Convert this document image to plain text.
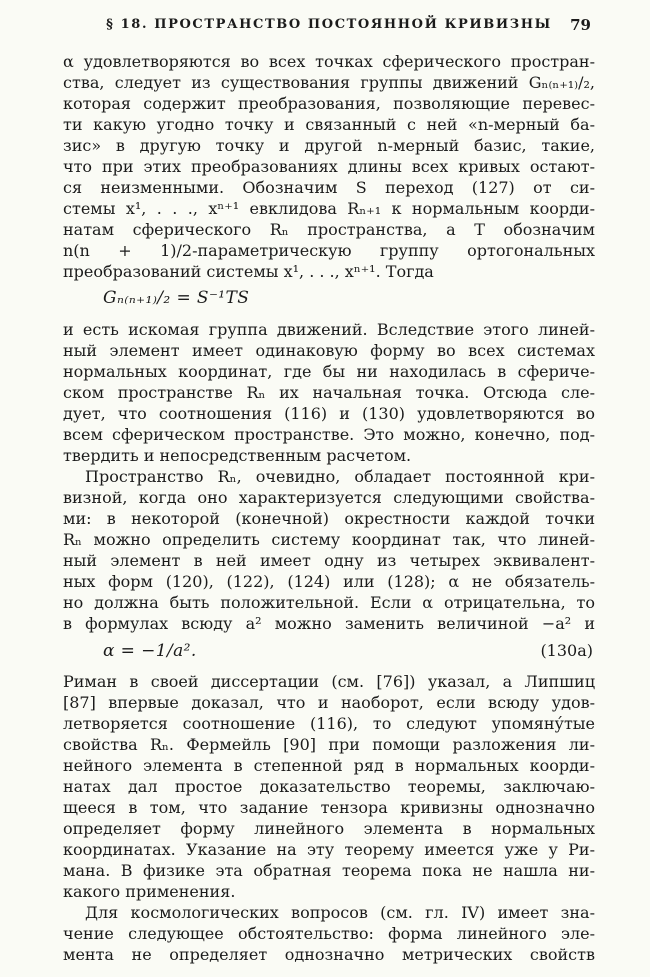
§ 18. ПРОСТРАНСТВО ПОСТОЯННОЙ КРИВИЗНЫ	79
α удовлетворяются во всех точках сферического простран-
ства, следует из существования группы движений Gₙ₍ₙ₊₁₎/₂,
которая содержит преобразования, позволяющие перевес-
ти какую угодно точку и связанный с ней «n-мерный ба-
зис» в другую точку и другой n-мерный базис, такие,
что при этих преобразованиях длины всех кривых остают-
ся неизменными. Обозначим S переход (127) от си-
стемы x¹, . . ., xⁿ⁺¹ евклидова Rₙ₊₁ к нормальным коорди-
натам сферического Rₙ пространства, а T обозначим
n(n + 1)/2-параметрическую группу ортогональных
преобразований системы x¹, . . ., xⁿ⁺¹. Тогда
Gₙ₍ₙ₊₁₎/₂ = S⁻¹TS
и есть искомая группа движений. Вследствие этого линей-
ный элемент имеет одинаковую форму во всех системах
нормальных координат, где бы ни находилась в сфериче-
ском пространстве Rₙ их начальная точка. Отсюда сле-
дует, что соотношения (116) и (130) удовлетворяются во
всем сферическом пространстве. Это можно, конечно, под-
твердить и непосредственным расчетом.
Пространство Rₙ, очевидно, обладает постоянной кри-
визной, когда оно характеризуется следующими свойства-
ми: в некоторой (конечной) окрестности каждой точки
Rₙ можно определить систему координат так, что линей-
ный элемент в ней имеет одну из четырех эквивалент-
ных форм (120), (122), (124) или (128); α не обязатель-
но должна быть положительной. Если α отрицательна, то
в формулах всюду a² можно заменить величиной −a² и
α = −1/a².	(130а)
Риман в своей диссертации (см. [76]) указал, а Липшиц
[87] впервые доказал, что и наоборот, если всюду удов-
летворяется соотношение (116), то следуют упомяну́тые
свойства Rₙ. Фермейль [90] при помощи разложения ли-
нейного элемента в степенной ряд в нормальных коорди-
натах дал простое доказательство теоремы, заключаю-
щееся в том, что задание тензора кривизны однозначно
определяет форму линейного элемента в нормальных
координатах. Указание на эту теорему имеется уже у Ри-
мана. В физике эта обратная теорема пока не нашла ни-
какого применения.
Для космологических вопросов (см. гл. IV) имеет зна-
чение следующее обстоятельство: форма линейного эле-
мента не определяет однозначно метрических свойств
